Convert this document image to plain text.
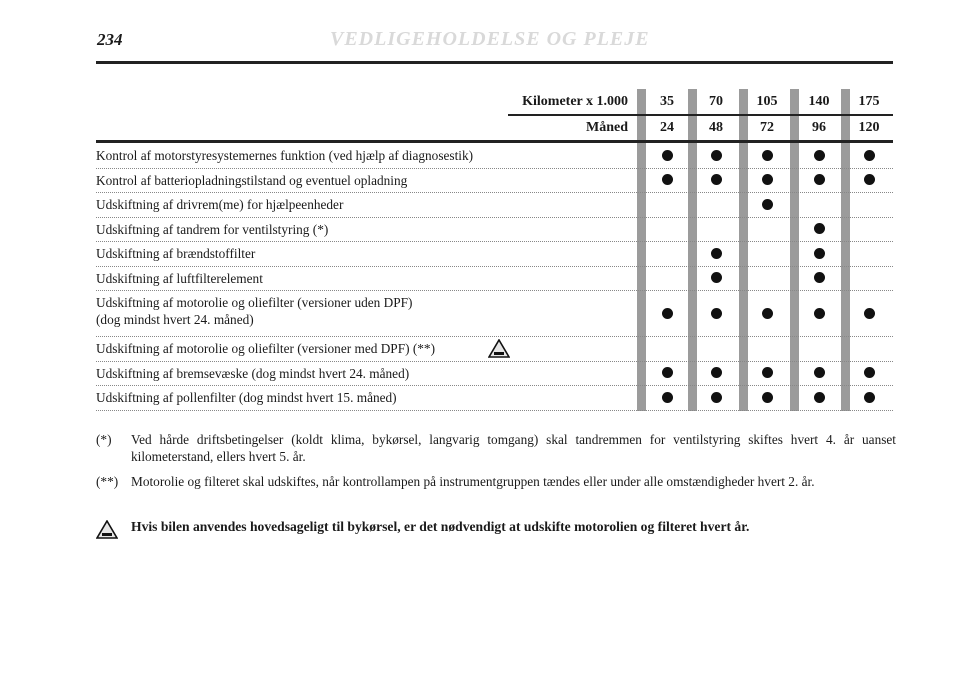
234	VEDLIGEHOLDELSE OG PLEJE
Kilometer x 1.000
Måned
35
24
70
48
105
72
140
96
175
120
Kontrol af motorstyresystemernes funktion (ved hjælp af diagnosestik)
Kontrol af batteriopladningstilstand og eventuel opladning
Udskiftning af drivrem(me) for hjælpeenheder
Udskiftning af tandrem for ventilstyring (*)
Udskiftning af brændstoffilter
Udskiftning af luftfilterelement
Udskiftning af motorolie og oliefilter (versioner uden DPF)
(dog mindst hvert 24. måned)
Udskiftning af motorolie og oliefilter (versioner med DPF) (**)
Udskiftning af bremsevæske (dog mindst hvert 24. måned)
Udskiftning af pollenfilter (dog mindst hvert 15. måned)
(*) Ved hårde driftsbetingelser (koldt klima, bykørsel, langvarig tomgang) skal tandremmen for ventilstyring skiftes hvert 4. år uanset kilometerstand, ellers hvert 5. år.
(**) Motorolie og filteret skal udskiftes, når kontrollampen på instrumentgruppen tændes eller under alle omstændigheder hvert 2. år.
Hvis bilen anvendes hovedsageligt til bykørsel, er det nødvendigt at udskifte motorolien og filteret hvert år.
